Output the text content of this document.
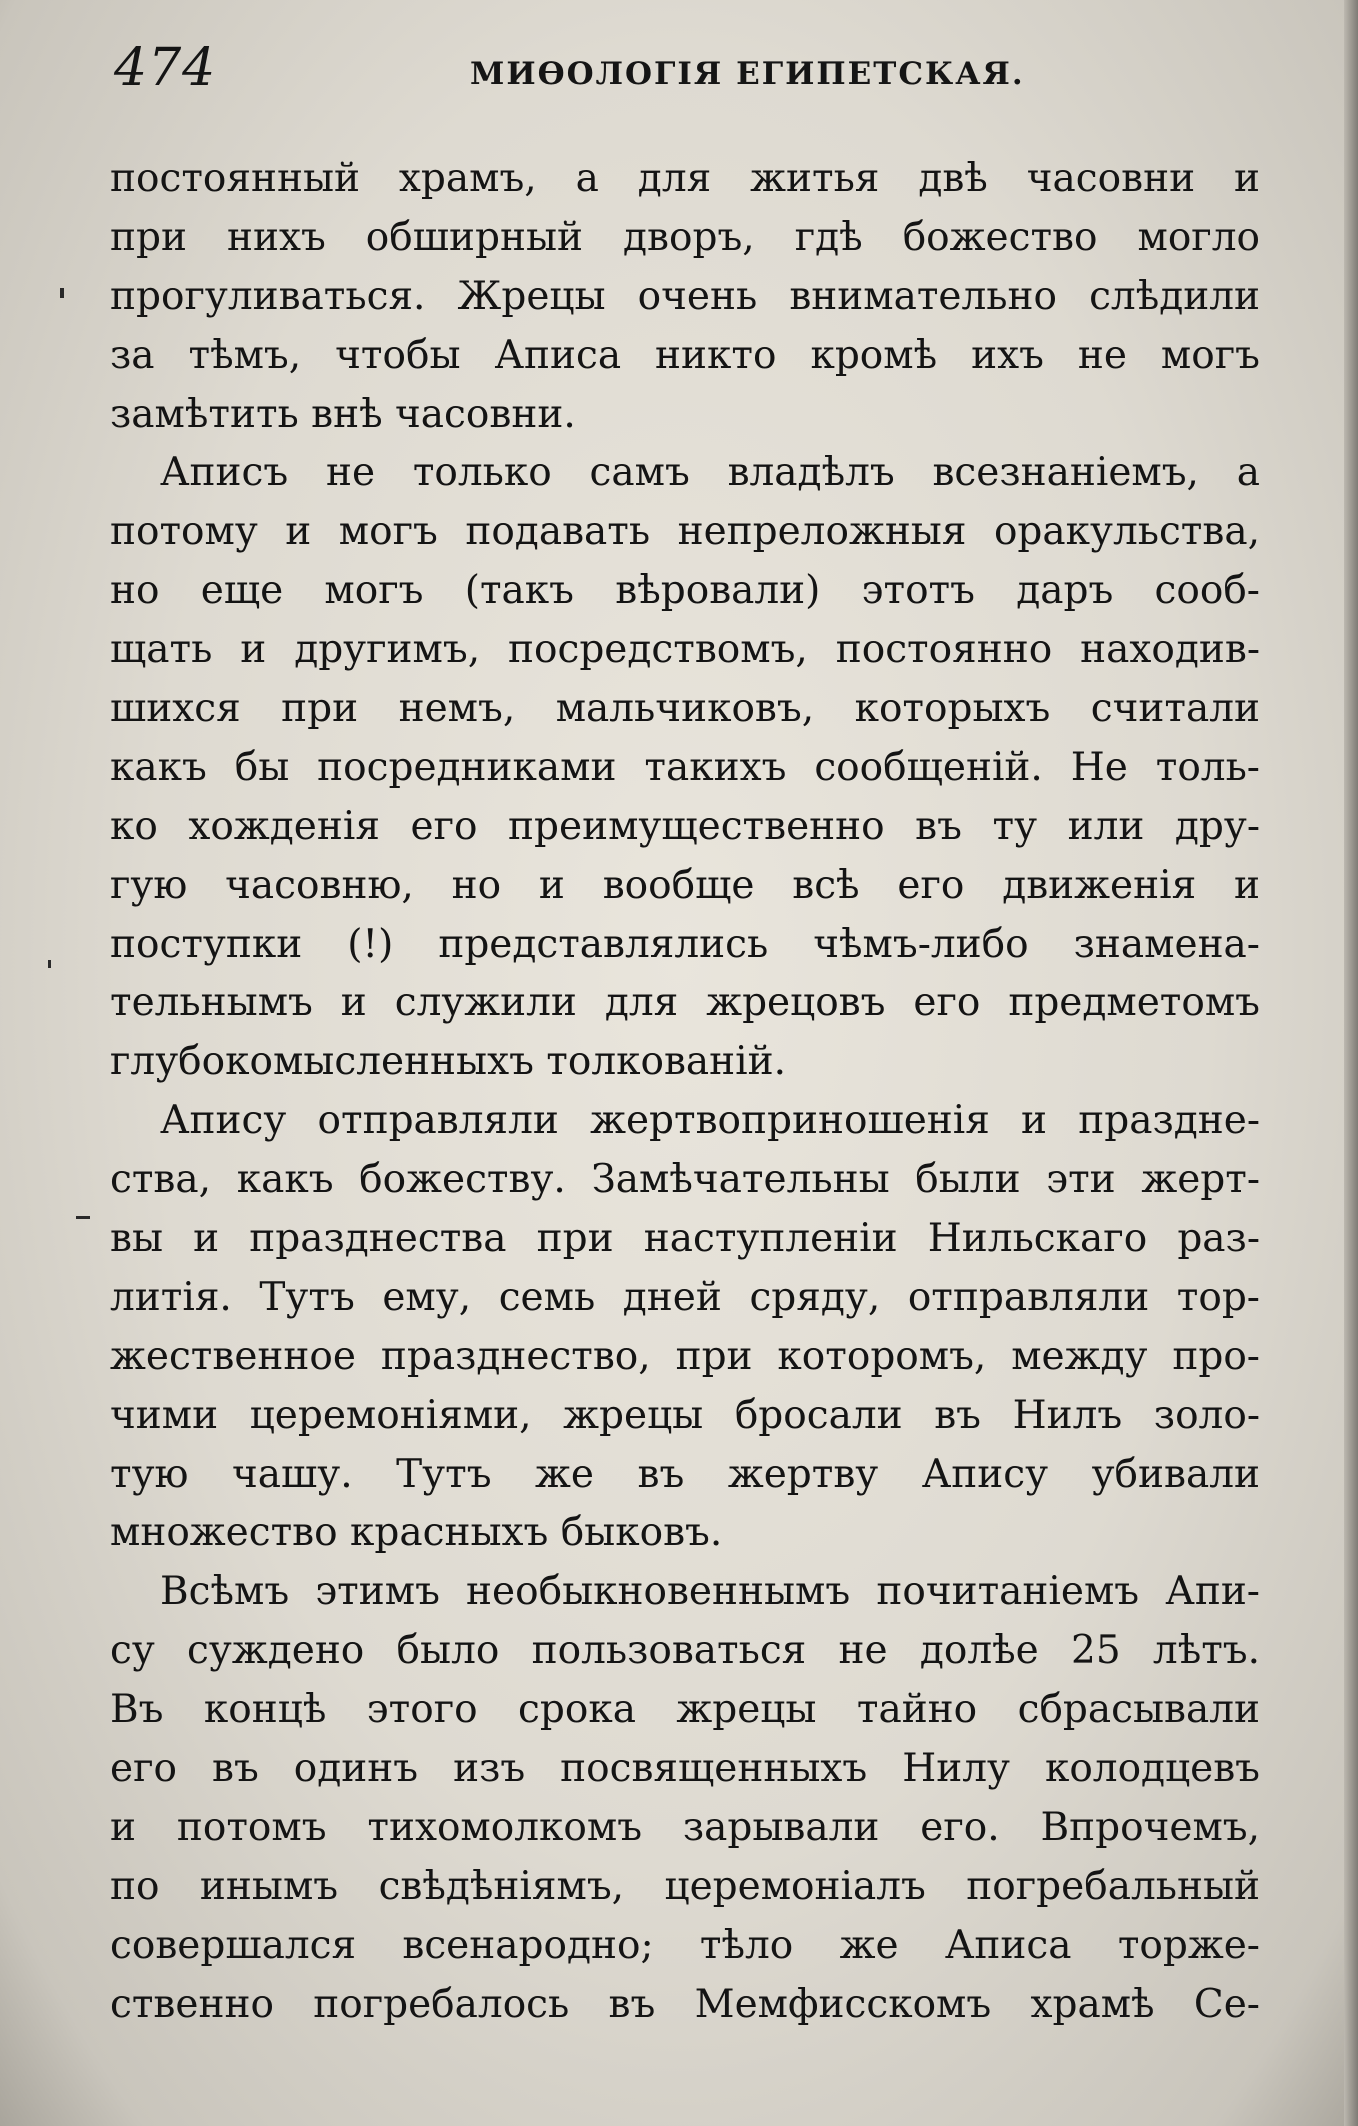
474	МИѲОЛОГІЯ ЕГИПЕТСКАЯ.
постоянный храмъ, а для житья двѣ часовни и
при нихъ обширный дворъ, гдѣ божество могло
прогуливаться. Жрецы очень внимательно слѣдили
за тѣмъ, чтобы Аписа никто кромѣ ихъ не могъ
замѣтить внѣ часовни.
Аписъ не только самъ владѣлъ всезнаніемъ, а
потому и могъ подавать непреложныя оракульства,
но еще могъ (такъ вѣровали) этотъ даръ сооб-
щать и другимъ, посредствомъ, постоянно находив-
шихся при немъ, мальчиковъ, которыхъ считали
какъ бы посредниками такихъ сообщеній. Не толь-
ко хожденія его преимущественно въ ту или дру-
гую часовню, но и вообще всѣ его движенія и
поступки (!) представлялись чѣмъ-либо знамена-
тельнымъ и служили для жрецовъ его предметомъ
глубокомысленныхъ толкованій.
Апису отправляли жертвоприношенія и празднe-
ства, какъ божеству. Замѣчательны были эти жерт-
вы и празднества при наступленіи Нильскаго раз-
литія. Тутъ ему, семь дней сряду, отправляли тор-
жественное празднество, при которомъ, между про-
чими церемоніями, жрецы бросали въ Нилъ золо-
тую чашу. Тутъ же въ жертву Апису убивали
множество красныхъ быковъ.
Всѣмъ этимъ необыкновеннымъ почитаніемъ Апи-
су суждено было пользоваться не долѣе 25 лѣтъ.
Въ концѣ этого срока жрецы тайно сбрасывали
его въ одинъ изъ посвященныхъ Нилу колодцевъ
и потомъ тихомолкомъ зарывали его. Впрочемъ,
по инымъ свѣдѣніямъ, церемоніалъ погребальный
совершался всенародно; тѣло же Аписа торже-
ственно погребалось въ Мемфисскомъ храмѣ Се-
